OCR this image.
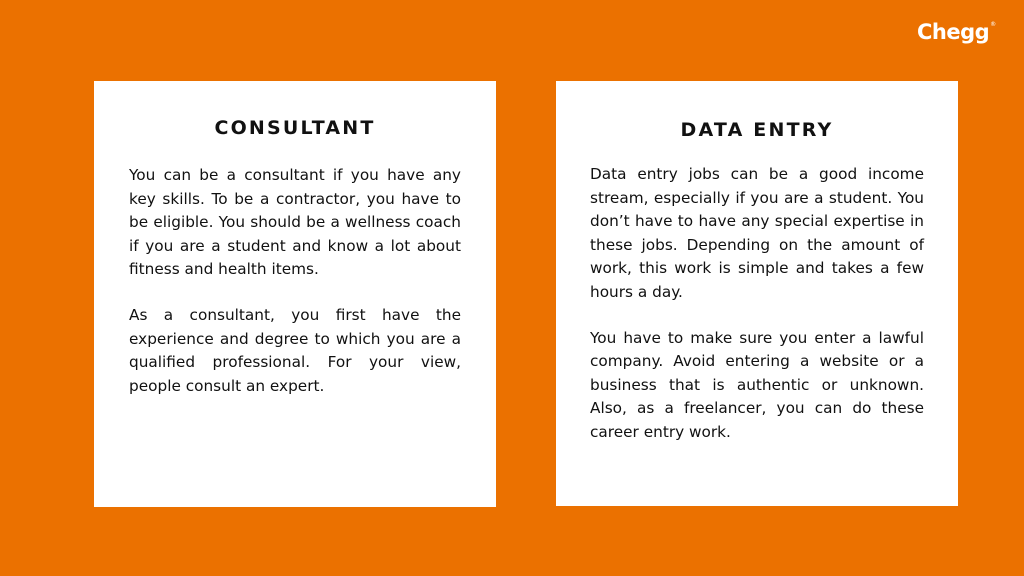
Chegg®
CONSULTANT

You can be a consultant if you have any key skills. To be a contractor, you have to be eligible. You should be a wellness coach if you are a student and know a lot about fitness and health items.

As a consultant, you first have the experience and degree to which you are a qualified professional. For your view, people consult an expert.

DATA ENTRY

Data entry jobs can be a good income stream, especially if you are a student. You don’t have to have any special expertise in these jobs. Depending on the amount of work, this work is simple and takes a few hours a day.

You have to make sure you enter a lawful company. Avoid entering a website or a business that is authentic or unknown. Also, as a freelancer, you can do these career entry work.
